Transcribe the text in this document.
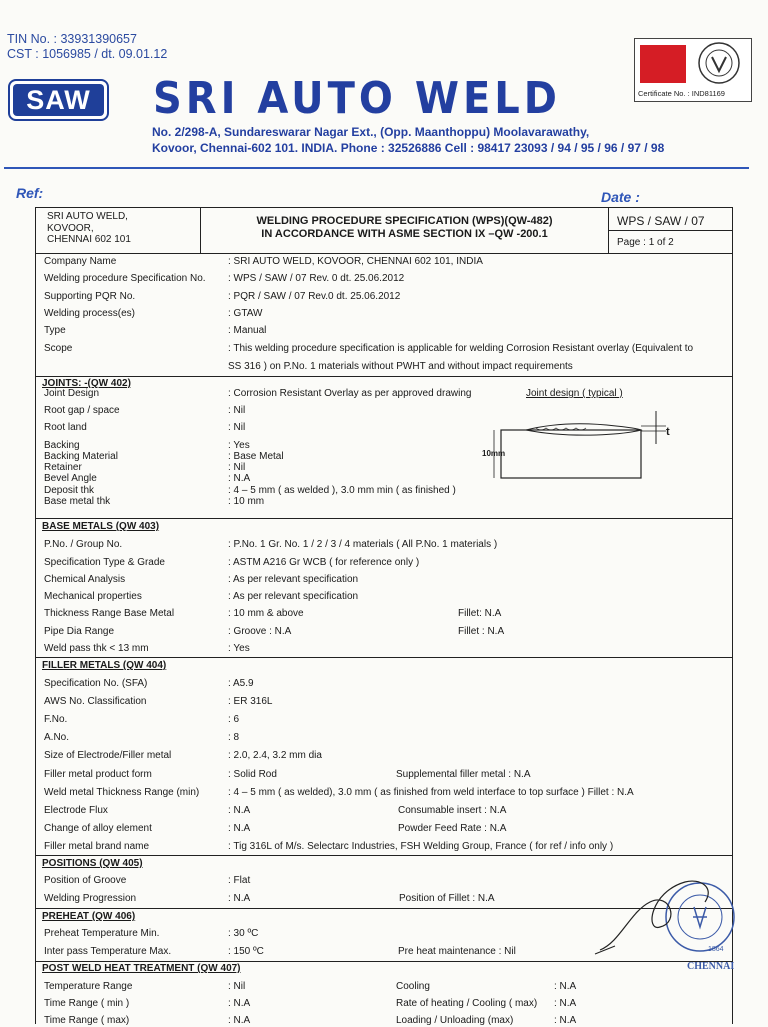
TIN No. : 33931390657
CST : 1056985 / dt. 09.01.12
SAW	SRI AUTO WELD
No. 2/298-A, Sundareswarar Nagar Ext., (Opp. Maanthoppu) Moolavarawathy,
Kovoor, Chennai-602 101. INDIA. Phone : 32526886 Cell : 98417 23093 / 94 / 95 / 96 / 97 / 98
Certificate No. : IND81169
Ref:	Date :
SRI AUTO WELD,
KOVOOR,
CHENNAI 602 101
WELDING PROCEDURE SPECIFICATION (WPS)(QW-482)
IN ACCORDANCE WITH ASME SECTION IX –QW -200.1
WPS / SAW / 07
Page : 1 of 2
Company Name	: SRI AUTO WELD, KOVOOR, CHENNAI 602 101, INDIA
Welding procedure Specification No. : WPS / SAW / 07 Rev. 0 dt. 25.06.2012
Supporting PQR No.	: PQR / SAW / 07 Rev.0 dt. 25.06.2012
Welding process(es)	: GTAW
Type	: Manual
Scope	: This welding procedure specification is applicable for welding Corrosion Resistant overlay (Equivalent to
SS 316 ) on P.No. 1 materials without PWHT and without impact requirements
JOINTS: -(QW 402)
Joint Design	: Corrosion Resistant Overlay as per approved drawing	Joint design ( typical )
Root gap / space	: Nil
Root land	: Nil
Backing	: Yes
Backing Material	: Base Metal
Retainer	: Nil
Bevel Angle	: N.A
Deposit thk	: 4 – 5 mm ( as welded ), 3.0 mm min ( as finished )
Base metal thk	: 10 mm
10mm
t
BASE METALS (QW 403)
P.No. / Group No.	: P.No. 1 Gr. No. 1 / 2 / 3 / 4 materials ( All P.No. 1 materials )
Specification Type & Grade	: ASTM A216 Gr WCB ( for reference only )
Chemical Analysis	: As per relevant specification
Mechanical properties	: As per relevant specification
Thickness Range Base Metal	: 10 mm & above	Fillet: N.A
Pipe Dia Range	: Groove : N.A	Fillet : N.A
Weld pass thk < 13 mm	: Yes
FILLER METALS (QW 404)
Specification No. (SFA)	: A5.9
AWS No. Classification	: ER 316L
F.No.	: 6
A.No.	: 8
Size of Electrode/Filler metal	: 2.0, 2.4, 3.2 mm dia
Filler metal product form	: Solid Rod	Supplemental filler metal : N.A
Weld metal Thickness Range (min)	: 4 – 5 mm ( as welded), 3.0 mm ( as finished from weld interface to top surface ) Fillet : N.A
Electrode Flux	: N.A	Consumable insert : N.A
Change of alloy element	: N.A	Powder Feed Rate : N.A
Filler metal brand name	: Tig 316L of M/s. Selectarc Industries, FSH Welding Group, France ( for ref / info only )
POSITIONS (QW 405)
Position of Groove	: Flat
Welding Progression	: N.A	Position of Fillet : N.A
PREHEAT (QW 406)
Preheat Temperature Min.	: 30 ºC
Inter pass Temperature Max.	: 150 ºC	Pre heat maintenance : Nil
POST WELD HEAT TREATMENT (QW 407)
Temperature Range	: Nil	Cooling	: N.A
Time Range ( min )	: N.A	Rate of heating / Cooling ( max) : N.A
Time Range ( max)	: N.A	Loading / Unloading (max)	: N.A
CHENNAI
1864
